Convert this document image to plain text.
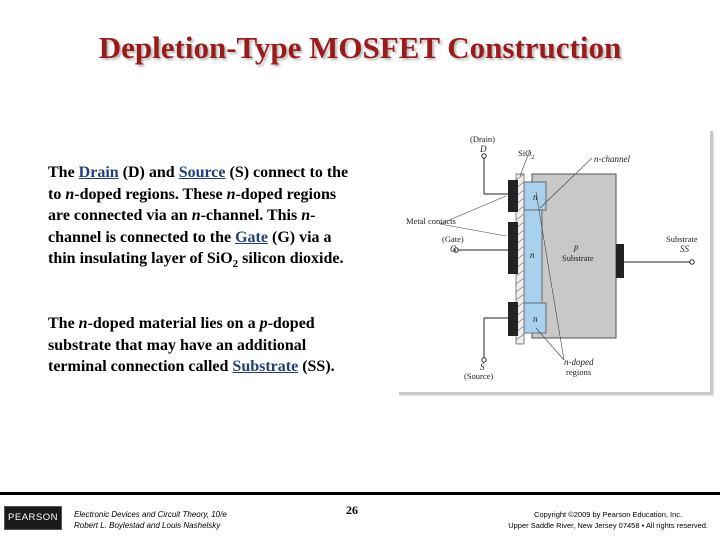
Depletion-Type MOSFET Construction
The Drain (D) and Source (S) connect to the to n-doped regions. These n-doped regions are connected via an n-channel. This n-channel is connected to the Gate (G) via a thin insulating layer of SiO$_2$ silicon dioxide.
The n-doped material lies on a p-doped substrate that may have an additional terminal connection called Substrate (SS).
(Drain)
D	SiO$_2$	n-channel
Metal contacts
(Gate)
G
n
n
n
p
Substrate
Substrate
SS
S
(Source)
n-doped
regions
PEARSON	Electronic Devices and Circuit Theory, 10/e
Robert L. Boylestad and Louis Nashelsky
26	Copyright ©2009 by Pearson Education, Inc.
Upper Saddle River, New Jersey 07458 • All rights reserved.
